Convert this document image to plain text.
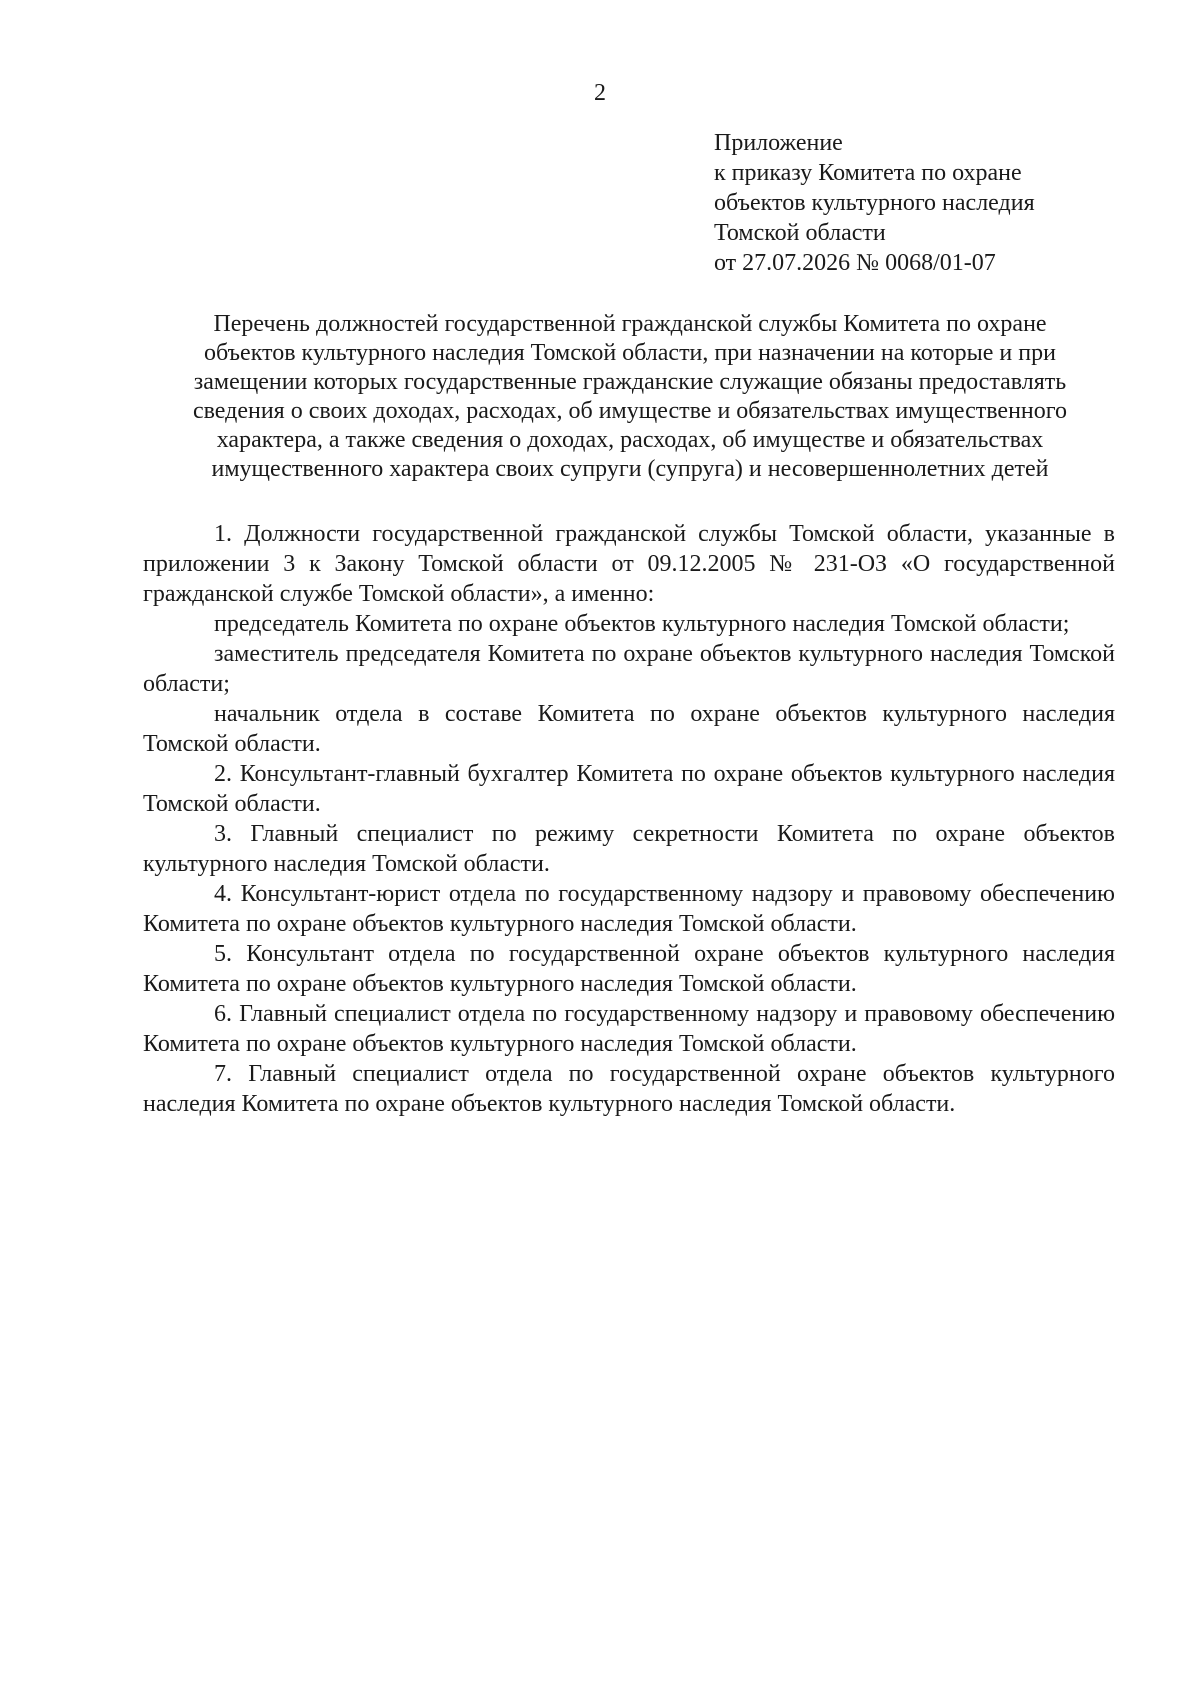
2
Приложение
к приказу Комитета по охране
объектов культурного наследия
Томской области
от 27.07.2026 № 0068/01-07
Перечень должностей государственной гражданской службы Комитета по охране
объектов культурного наследия Томской области, при назначении на которые и при
замещении которых государственные гражданские служащие обязаны предоставлять
сведения о своих доходах, расходах, об имуществе и обязательствах имущественного
характера, а также сведения о доходах, расходах, об имуществе и обязательствах
имущественного характера своих супруги (супруга) и несовершеннолетних детей

1. Должности государственной гражданской службы Томской области, указанные в приложении 3 к Закону Томской области от 09.12.2005 № 231-ОЗ «О государственной гражданской службе Томской области», а именно:

председатель Комитета по охране объектов культурного наследия Томской области;

заместитель председателя Комитета по охране объектов культурного наследия Томской области;

начальник отдела в составе Комитета по охране объектов культурного наследия Томской области.

2. Консультант-главный бухгалтер Комитета по охране объектов культурного наследия Томской области.

3. Главный специалист по режиму секретности Комитета по охране объектов культурного наследия Томской области.

4. Консультант-юрист отдела по государственному надзору и правовому обеспечению Комитета по охране объектов культурного наследия Томской области.

5. Консультант отдела по государственной охране объектов культурного наследия Комитета по охране объектов культурного наследия Томской области.

6. Главный специалист отдела по государственному надзору и правовому обеспечению Комитета по охране объектов культурного наследия Томской области.

7. Главный специалист отдела по государственной охране объектов культурного наследия Комитета по охране объектов культурного наследия Томской области.
